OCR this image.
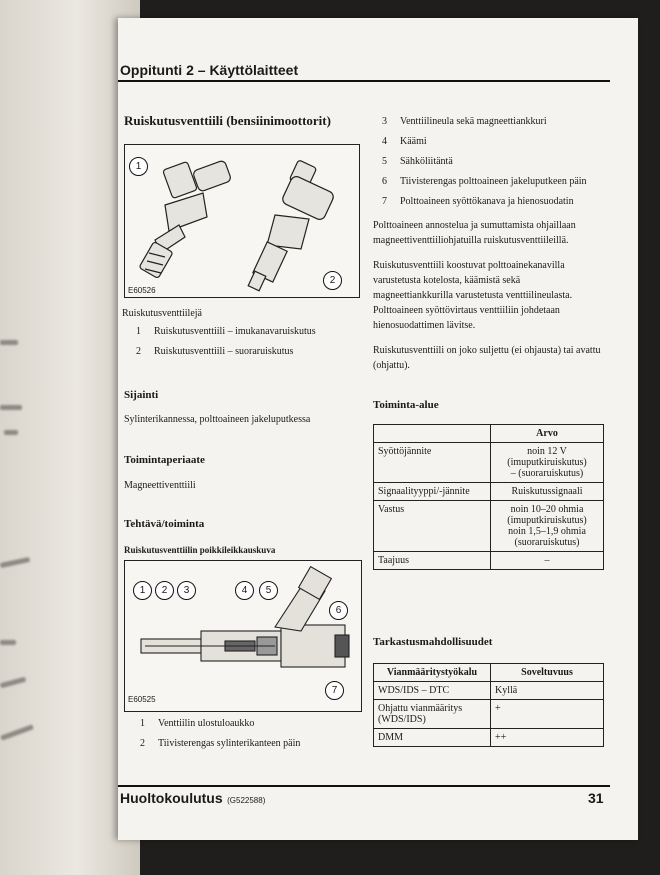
Oppitunti 2 – Käyttölaitteet
Ruiskutusventtiili (bensiinimoottorit)
1
2
E60526
Ruiskutusventtiilejä
1 Ruiskutusventtiili – imukanavaruiskutus
2 Ruiskutusventtiili – suoraruiskutus
Sijainti
Sylinterikannessa, polttoaineen jakeluputkessa
Toimintaperiaate
Magneettiventtiili
Tehtävä/toiminta
Ruiskutusventtiilin poikkileikkauskuva
1	2	3	4	5
6
7
E60525
1 Venttiilin ulostuloaukko
2 Tiivisterengas sylinterikanteen päin
3 Venttiilineula sekä magneettiankkuri
4 Käämi
5 Sähköliitäntä
6 Tiivisterengas polttoaineen jakeluputkeen päin
7 Polttoaineen syöttökanava ja hienosuodatin
Polttoaineen annostelua ja sumuttamista ohjaillaan
magneettiventtiiliohjatuilla ruiskutusventtiileillä.
Ruiskutusventtiili koostuvat polttoainekanavilla
varustetusta kotelosta, käämistä sekä
magneettiankkurilla varustetusta venttiilineulasta.
Polttoaineen syöttövirtaus venttiiliin johdetaan
hienosuodattimen lävitse.
Ruiskutusventtiili on joko suljettu (ei ohjausta) tai avattu
(ohjattu).
Toiminta-alue
	Arvo
Syöttöjännite	noin 12 V
(imuputkiruiskutus)
– (suoraruiskutus)

Signaalityyppi/-jännite	Ruiskutussignaali
Vastus	noin 10–20 ohmia
(imuputkiruiskutus)
noin 1,5–1,9 ohmia
(suoraruiskutus)

Taajuus	–
Tarkastusmahdollisuudet
Vianmääritystyökalu	Soveltuvuus
WDS/IDS – DTC	Kyllä

Ohjattu vianmääritys
(WDS/IDS)	+
DMM	++
Huoltokoulutus (G522588)	31
